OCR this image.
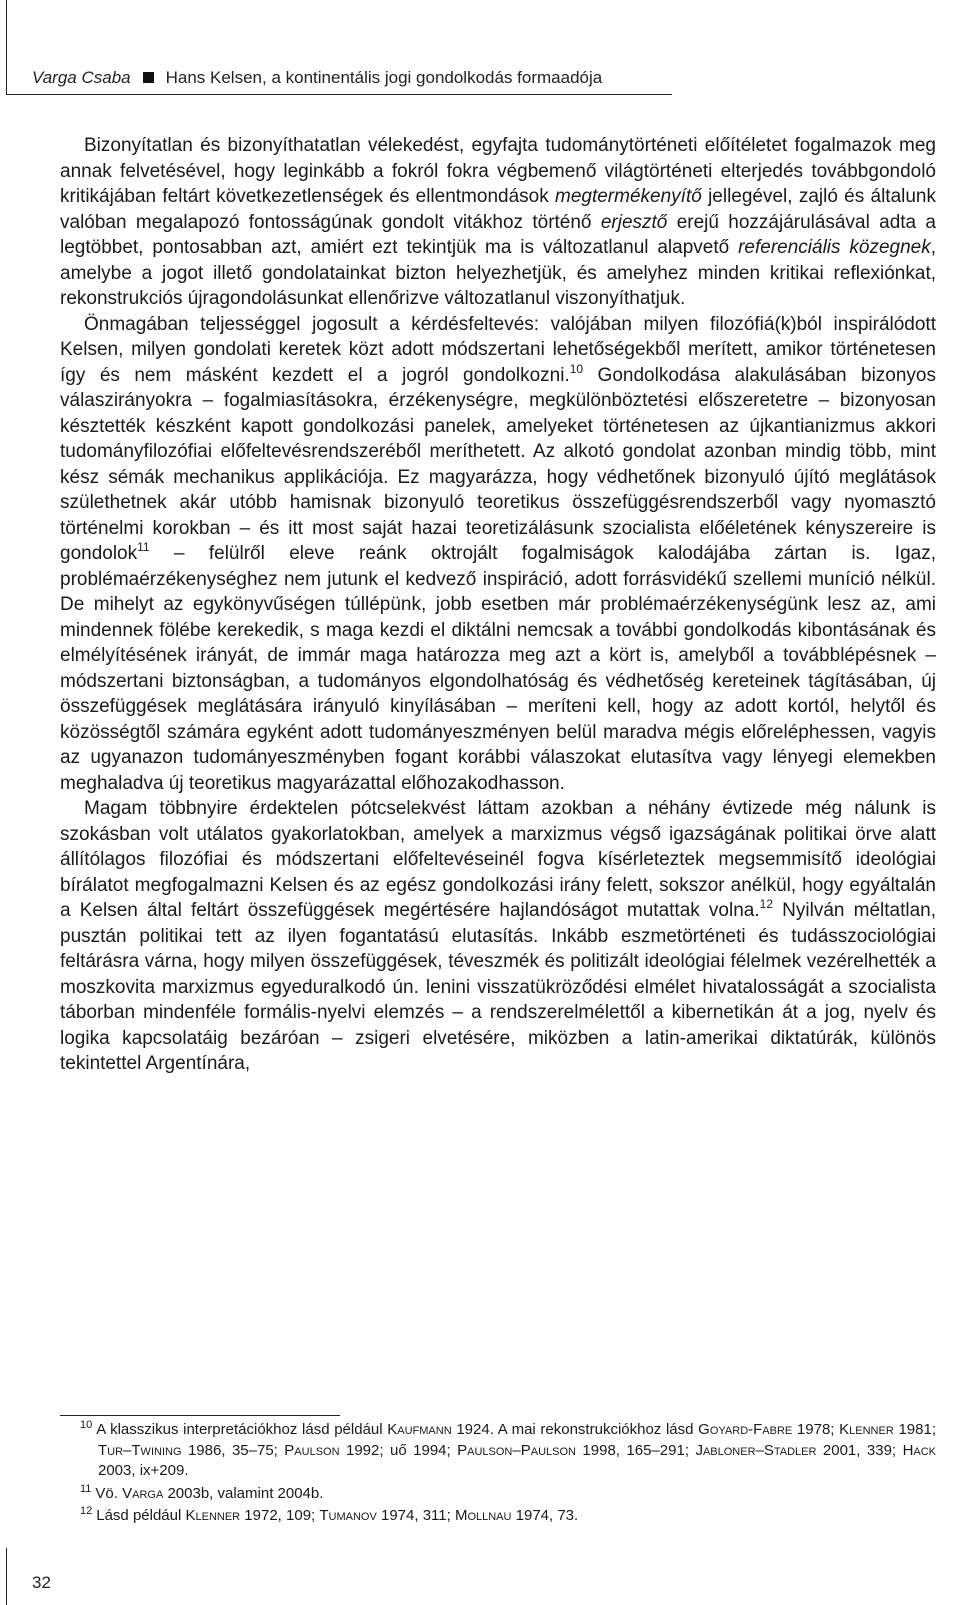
Varga Csaba Hans Kelsen, a kontinentális jogi gondolkodás formaadója

Bizonyítatlan és bizonyíthatatlan vélekedést, egyfajta tudománytörténeti előítéletet fogalmazok meg annak felvetésével, hogy leginkább a fokról fokra végbemenő világtörténeti elterjedés továbbgondoló kritikájában feltárt következetlenségek és ellentmondások megtermékenyítő jellegével, zajló és általunk valóban megalapozó fontosságúnak gondolt vitákhoz történő erjesztő erejű hozzájárulásával adta a legtöbbet, pontosabban azt, amiért ezt tekintjük ma is változatlanul alapvető referenciális közegnek, amelybe a jogot illető gondolatainkat bizton helyezhetjük, és amelyhez minden kritikai reflexiónkat, rekonstrukciós újragondolásunkat ellenőrizve változatlanul viszonyíthatjuk.

Önmagában teljességgel jogosult a kérdésfeltevés: valójában milyen filozófiá(k)ból inspirálódott Kelsen, milyen gondolati keretek közt adott módszertani lehetőségekből merített, amikor történetesen így és nem másként kezdett el a jogról gondolkozni.$^{10}$ Gondolkodása alakulásában bizonyos válaszirányokra – fogalmiasításokra, érzékenységre, megkülönböztetési előszeretetre – bizonyosan késztették készként kapott gondolkozási panelek, amelyeket történetesen az újkantianizmus akkori tudományfilozófiai előfeltevésrendszeréből meríthetett. Az alkotó gondolat azonban mindig több, mint kész sémák mechanikus applikációja. Ez magyarázza, hogy védhetőnek bizonyuló újító meglátások születhetnek akár utóbb hamisnak bizonyuló teoretikus összefüggésrendszerből vagy nyomasztó történelmi korokban – és itt most saját hazai teoretizálásunk szocialista előéletének kényszereire is gondolok$^{11}$ – felülről eleve reánk oktrojált fogalmiságok kalodájába zártan is. Igaz, problémaérzékenységhez nem jutunk el kedvező inspiráció, adott forrásvidékű szellemi muníció nélkül. De mihelyt az egykönyvűségen túllépünk, jobb esetben már problémaérzékenységünk lesz az, ami mindennek fölébe kerekedik, s maga kezdi el diktálni nemcsak a további gondolkodás kibontásának és elmélyítésének irányát, de immár maga határozza meg azt a kört is, amelyből a továbblépésnek – módszertani biztonságban, a tudományos elgondolhatóság és védhetőség kereteinek tágításában, új összefüggések meglátására irányuló kinyílásában – meríteni kell, hogy az adott kortól, helytől és közösségtől számára egyként adott tudományeszményen belül maradva mégis előreléphessen, vagyis az ugyanazon tudományeszményben fogant korábbi válaszokat elutasítva vagy lényegi elemekben meghaladva új teoretikus magyarázattal előhozakodhasson.

Magam többnyire érdektelen pótcselekvést láttam azokban a néhány évtizede még nálunk is szokásban volt utálatos gyakorlatokban, amelyek a marxizmus végső igazságának politikai örve alatt állítólagos filozófiai és módszertani előfeltevéseinél fogva kísérleteztek megsemmisítő ideológiai bírálatot megfogalmazni Kelsen és az egész gondolkozási irány felett, sokszor anélkül, hogy egyáltalán a Kelsen által feltárt összefüggések megértésére hajlandóságot mutattak volna.$^{12}$ Nyilván méltatlan, pusztán politikai tett az ilyen fogantatású elutasítás. Inkább eszmetörténeti és tudásszociológiai feltárásra várna, hogy milyen összefüggések, téveszmék és politizált ideológiai félelmek vezérelhették a moszkovita marxizmus egyeduralkodó ún. lenini visszatükröződési elmélet hivatalosságát a szocialista táborban mindenféle formális-nyelvi elemzés – a rendszerelmélettől a kibernetikán át a jog, nyelv és logika kapcsolatáig bezáróan – zsigeri elvetésére, miközben a latin-amerikai diktatúrák, különös tekintettel Argentínára,

$^{10}$ A klasszikus interpretációkhoz lásd például Kaufmann 1924. A mai rekonstrukciókhoz lásd Goyard-Fabre 1978; Klenner 1981; Tur–Twining 1986, 35–75; Paulson 1992; uő 1994; Paulson–Paulson 1998, 165–291; Jabloner–Stadler 2001, 339; Hack 2003, ix+209.

$^{11}$ Vö. Varga 2003b, valamint 2004b.

$^{12}$ Lásd például Klenner 1972, 109; Tumanov 1974, 311; Mollnau 1974, 73.

32
